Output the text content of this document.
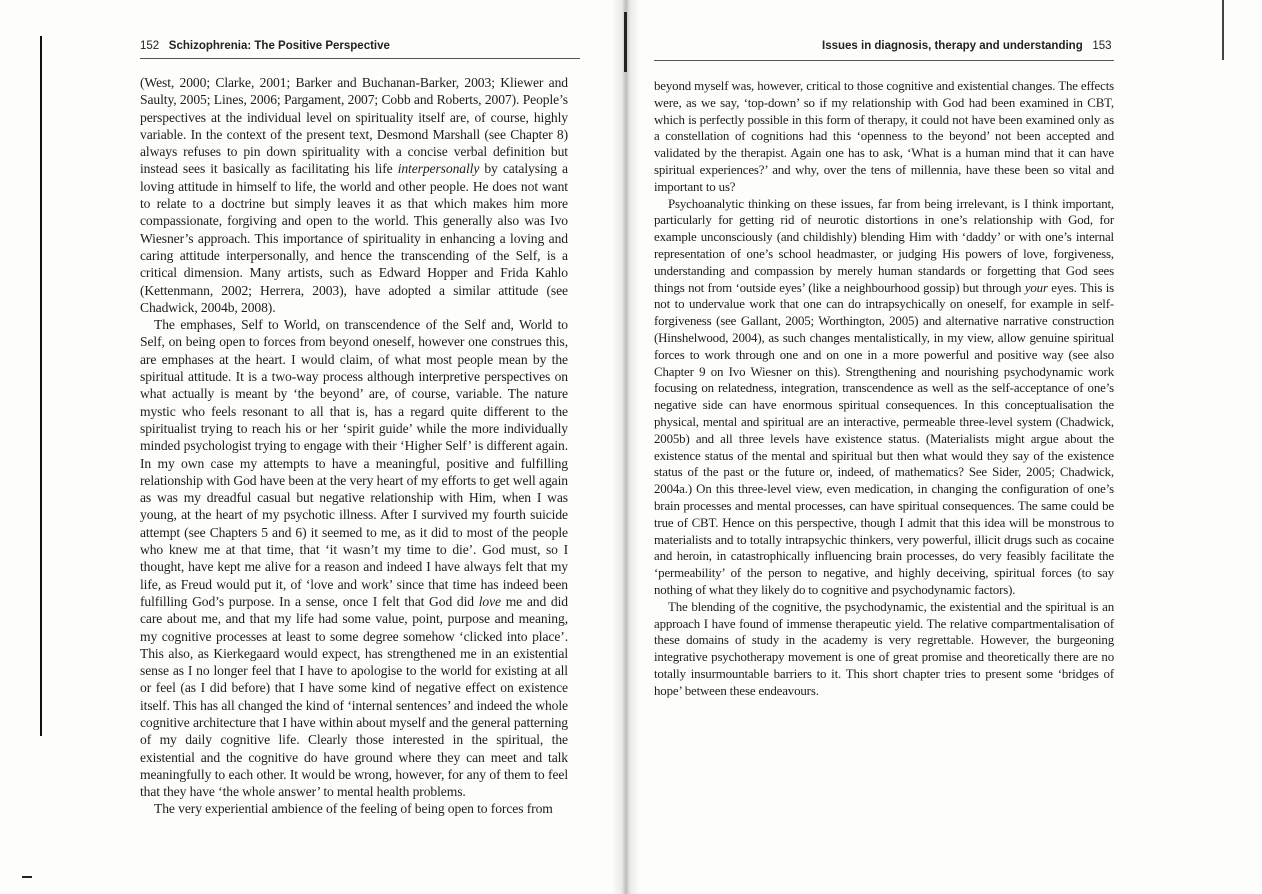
152 Schizophrenia: The Positive Perspective

(West, 2000; Clarke, 2001; Barker and Buchanan-Barker, 2003; Kliewer and Saulty, 2005; Lines, 2006; Pargament, 2007; Cobb and Roberts, 2007). People’s perspectives at the individual level on spirituality itself are, of course, highly variable. In the context of the present text, Desmond Marshall (see Chapter 8) always refuses to pin down spirituality with a concise verbal definition but instead sees it basically as facilitating his life interpersonally by catalysing a loving attitude in himself to life, the world and other people. He does not want to relate to a doctrine but simply leaves it as that which makes him more compassionate, forgiving and open to the world. This generally also was Ivo Wiesner’s approach. This importance of spirituality in enhancing a loving and caring attitude interpersonally, and hence the transcending of the Self, is a critical dimension. Many artists, such as Edward Hopper and Frida Kahlo (Kettenmann, 2002; Herrera, 2003), have adopted a similar attitude (see Chadwick, 2004b, 2008).

The emphases, Self to World, on transcendence of the Self and, World to Self, on being open to forces from beyond oneself, however one construes this, are emphases at the heart. I would claim, of what most people mean by the spiritual attitude. It is a two-way process although interpretive perspectives on what actually is meant by ‘the beyond’ are, of course, variable. The nature mystic who feels resonant to all that is, has a regard quite different to the spiritualist trying to reach his or her ‘spirit guide’ while the more individually minded psychologist trying to engage with their ‘Higher Self’ is different again. In my own case my attempts to have a meaningful, positive and fulfilling relationship with God have been at the very heart of my efforts to get well again as was my dreadful casual but negative relationship with Him, when I was young, at the heart of my psychotic illness. After I survived my fourth suicide attempt (see Chapters 5 and 6) it seemed to me, as it did to most of the people who knew me at that time, that ‘it wasn’t my time to die’. God must, so I thought, have kept me alive for a reason and indeed I have always felt that my life, as Freud would put it, of ‘love and work’ since that time has indeed been fulfilling God’s purpose. In a sense, once I felt that God did love me and did care about me, and that my life had some value, point, purpose and meaning, my cognitive processes at least to some degree somehow ‘clicked into place’. This also, as Kierkegaard would expect, has strengthened me in an existential sense as I no longer feel that I have to apologise to the world for existing at all or feel (as I did before) that I have some kind of negative effect on existence itself. This has all changed the kind of ‘internal sentences’ and indeed the whole cognitive architecture that I have within about myself and the general patterning of my daily cognitive life. Clearly those interested in the spiritual, the existential and the cognitive do have ground where they can meet and talk meaningfully to each other. It would be wrong, however, for any of them to feel that they have ‘the whole answer’ to mental health problems.

The very experiential ambience of the feeling of being open to forces from

Issues in diagnosis, therapy and understanding 153

beyond myself was, however, critical to those cognitive and existential changes. The effects were, as we say, ‘top-down’ so if my relationship with God had been examined in CBT, which is perfectly possible in this form of therapy, it could not have been examined only as a constellation of cognitions had this ‘openness to the beyond’ not been accepted and validated by the therapist. Again one has to ask, ‘What is a human mind that it can have spiritual experiences?’ and why, over the tens of millennia, have these been so vital and important to us?

Psychoanalytic thinking on these issues, far from being irrelevant, is I think important, particularly for getting rid of neurotic distortions in one’s relationship with God, for example unconsciously (and childishly) blending Him with ‘daddy’ or with one’s internal representation of one’s school headmaster, or judging His powers of love, forgiveness, understanding and compassion by merely human standards or forgetting that God sees things not from ‘outside eyes’ (like a neighbourhood gossip) but through your eyes. This is not to undervalue work that one can do intrapsychically on oneself, for example in self-forgiveness (see Gallant, 2005; Worthington, 2005) and alternative narrative construction (Hinshelwood, 2004), as such changes mentalistically, in my view, allow genuine spiritual forces to work through one and on one in a more powerful and positive way (see also Chapter 9 on Ivo Wiesner on this). Strengthening and nourishing psychodynamic work focusing on relatedness, integration, transcendence as well as the self-acceptance of one’s negative side can have enormous spiritual consequences. In this conceptualisation the physical, mental and spiritual are an interactive, permeable three-level system (Chadwick, 2005b) and all three levels have existence status. (Materialists might argue about the existence status of the mental and spiritual but then what would they say of the existence status of the past or the future or, indeed, of mathematics? See Sider, 2005; Chadwick, 2004a.) On this three-level view, even medication, in changing the configuration of one’s brain processes and mental processes, can have spiritual consequences. The same could be true of CBT. Hence on this perspective, though I admit that this idea will be monstrous to materialists and to totally intrapsychic thinkers, very powerful, illicit drugs such as cocaine and heroin, in catastrophically influencing brain processes, do very feasibly facilitate the ‘permeability’ of the person to negative, and highly deceiving, spiritual forces (to say nothing of what they likely do to cognitive and psychodynamic factors).

The blending of the cognitive, the psychodynamic, the existential and the spiritual is an approach I have found of immense therapeutic yield. The relative compartmentalisation of these domains of study in the academy is very regrettable. However, the burgeoning integrative psychotherapy movement is one of great promise and theoretically there are no totally insurmountable barriers to it. This short chapter tries to present some ‘bridges of hope’ between these endeavours.
